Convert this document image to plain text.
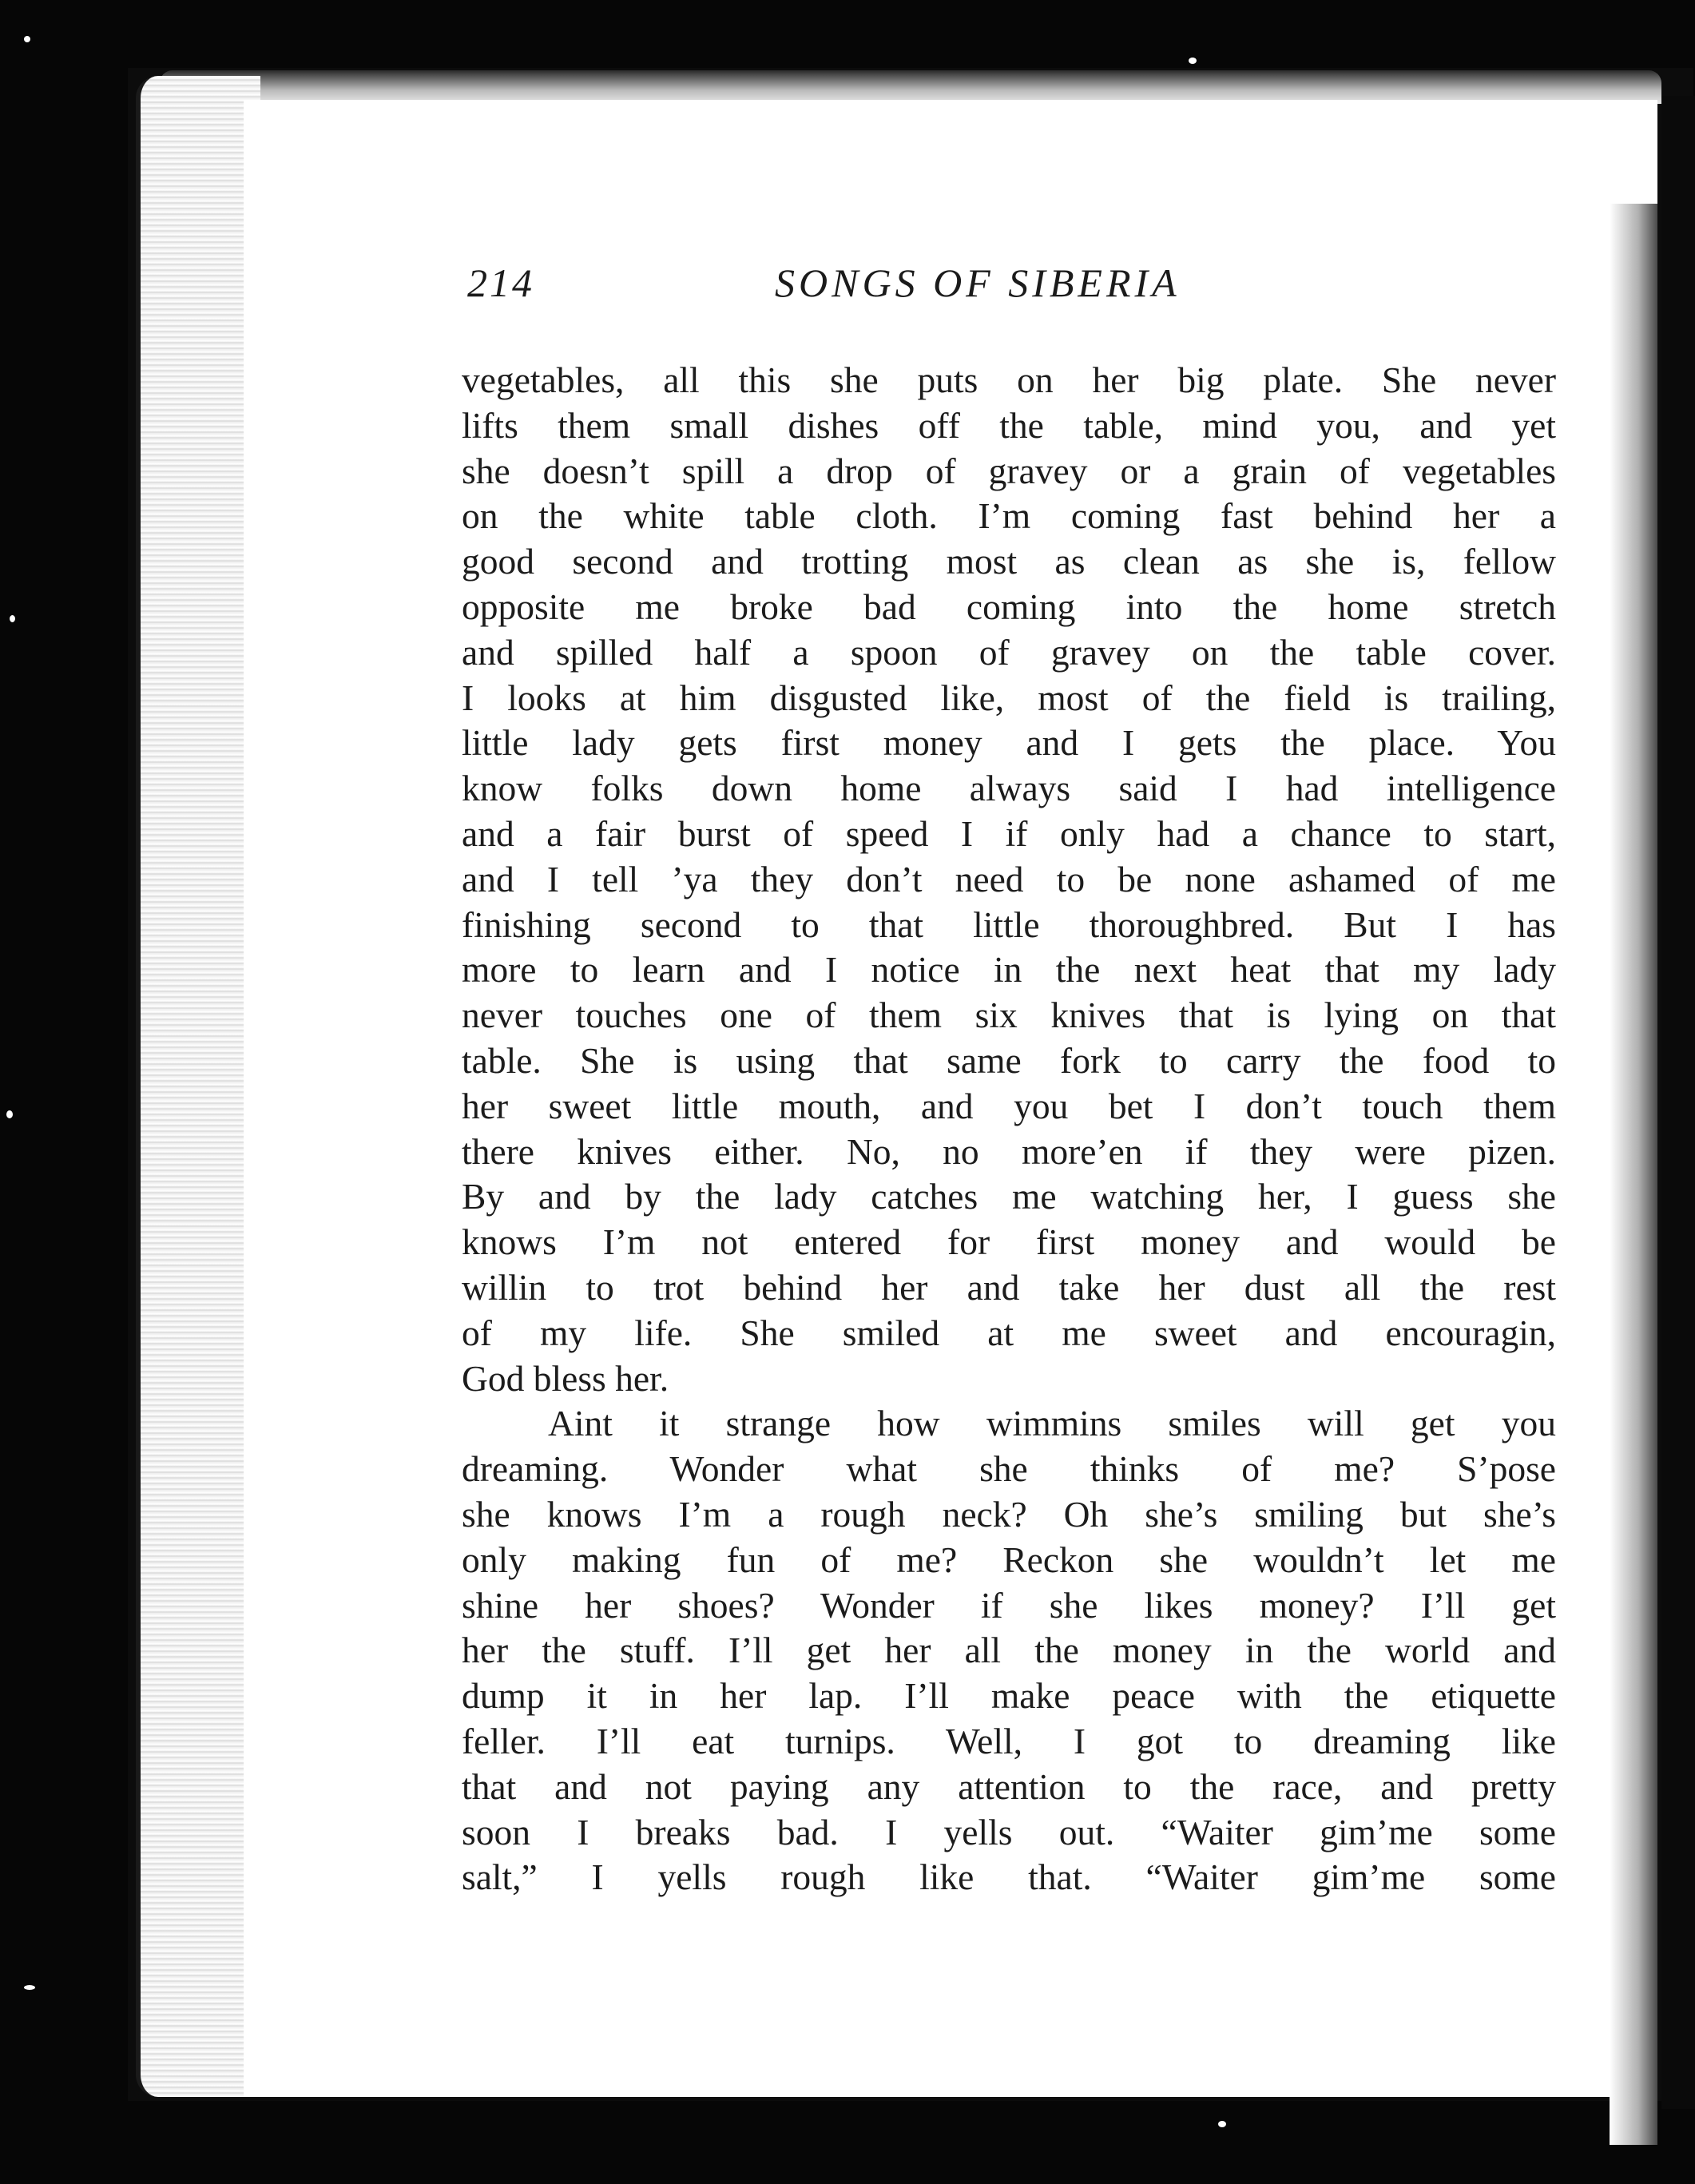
214	SONGS OF SIBERIA
vegetables, all this she puts on her big plate. She never
lifts them small dishes off the table, mind you, and yet
she doesn’t spill a drop of gravey or a grain of vegetables
on the white table cloth. I’m coming fast behind her a
good second and trotting most as clean as she is, fellow
opposite me broke bad coming into the home stretch
and spilled half a spoon of gravey on the table cover.
I looks at him disgusted like, most of the field is trailing,
little lady gets first money and I gets the place. You
know folks down home always said I had intelligence
and a fair burst of speed I if only had a chance to start,
and I tell ’ya they don’t need to be none ashamed of me
finishing second to that little thoroughbred. But I has
more to learn and I notice in the next heat that my lady
never touches one of them six knives that is lying on that
table. She is using that same fork to carry the food to
her sweet little mouth, and you bet I don’t touch them
there knives either. No, no more’en if they were pizen.
By and by the lady catches me watching her, I guess she
knows I’m not entered for first money and would be
willin to trot behind her and take her dust all the rest
of my life. She smiled at me sweet and encouragin,
God bless her.
Aint it strange how wimmins smiles will get you
dreaming. Wonder what she thinks of me? S’pose
she knows I’m a rough neck? Oh she’s smiling but she’s
only making fun of me? Reckon she wouldn’t let me
shine her shoes? Wonder if she likes money? I’ll get
her the stuff. I’ll get her all the money in the world and
dump it in her lap. I’ll make peace with the etiquette
feller. I’ll eat turnips. Well, I got to dreaming like
that and not paying any attention to the race, and pretty
soon I breaks bad. I yells out. “Waiter gim’me some
salt,” I yells rough like that. “Waiter gim’me some
